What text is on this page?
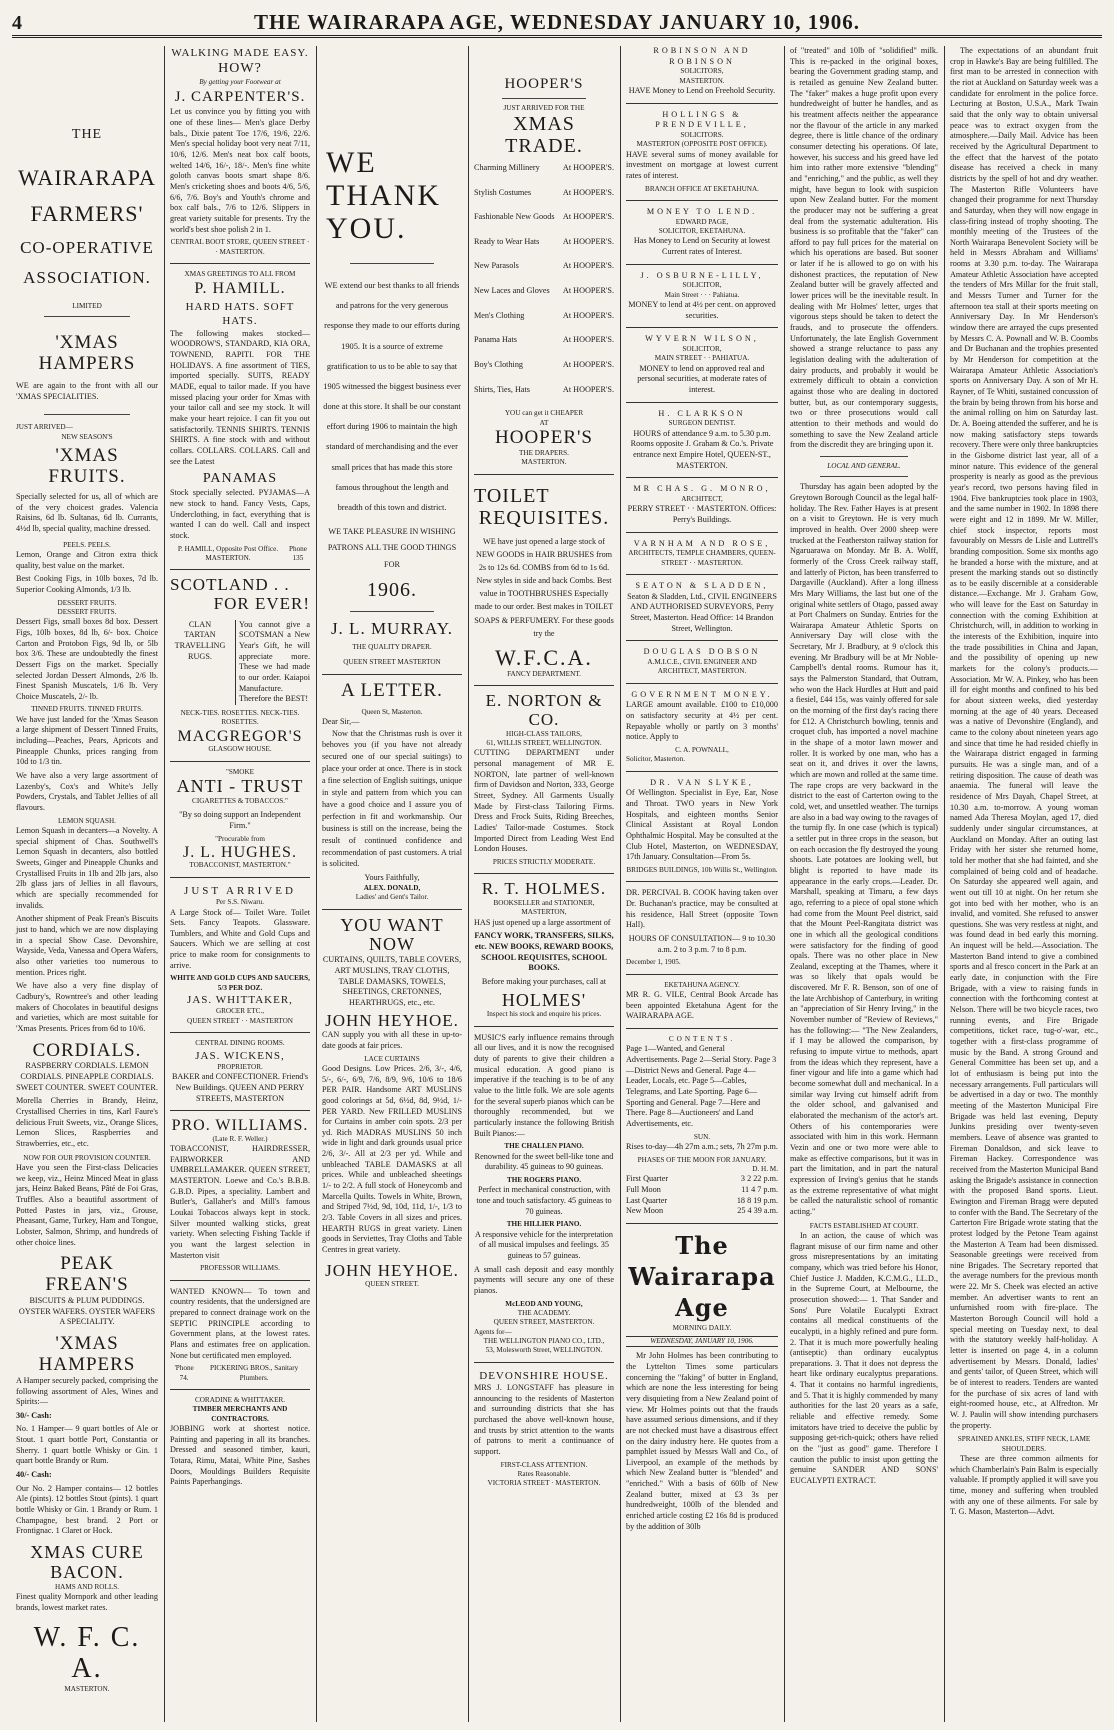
4	THE WAIRARAPA AGE, WEDNESDAY JANUARY 10, 1906.
THE
WAIRARAPA
FARMERS'
CO-OPERATIVE
ASSOCIATION.
LIMITED
'XMAS HAMPERS

WE are again to the front with all our 'XMAS SPECIALITIES.

JUST ARRIVED—
NEW SEASON'S
'XMAS FRUITS.

Specially selected for us, all of which are of the very choicest grades. Valencia Raisins, 6d lb. Sultanas, 6d lb. Currants, 4½d lb, special quality, machine dressed.

PEELS. PEELS.

Lemon, Orange and Citron extra thick quality, best value on the market.

Best Cooking Figs, in 10lb boxes, 7d lb. Superior Cooking Almonds, 1/3 lb.

DESSERT FRUITS.
DESSERT FRUITS.

Dessert Figs, small boxes 8d box. Dessert Figs, 10lb boxes, 8d lb, 6/- box. Choice Carton and Protobon Figs, 9d lb, or 5lb box 3/6. These are undoubtedly the finest Dessert Figs on the market. Specially selected Jordan Dessert Almonds, 2/6 lb. Finest Spanish Muscatels, 1/6 lb. Very Choice Muscatels, 2/- lb.

TINNED FRUITS. TINNED FRUITS.

We have just landed for the 'Xmas Season a large shipment of Dessert Tinned Fruits, including—Peaches, Pears, Apricots and Pineapple Chunks, prices ranging from 10d to 1/3 tin.

We have also a very large assortment of Lazenby's, Cox's and White's Jelly Powders, Crystals, and Tablet Jellies of all flavours.

LEMON SQUASH.

Lemon Squash in decanters—a Novelty. A special shipment of Chas. Southwell's Lemon Squash in decanters, also bottled Sweets, Ginger and Pineapple Chunks and Crystallised Fruits in 1lb and 2lb jars, also 2lb glass jars of Jellies in all flavours, which are specially recommended for invalids.

Another shipment of Peak Frean's Biscuits just to hand, which we are now displaying in a special Show Case. Devonshire, Wayside, Veda, Vanessa and Opera Wafers, also other varieties too numerous to mention. Prices right.

We have also a very fine display of Cadbury's, Rowntree's and other leading makers of Chocolates in beautiful designs and varieties, which are most suitable for 'Xmas Presents. Prices from 6d to 10/6.

CORDIALS.

RASPBERRY CORDIALS. LEMON CORDIALS. PINEAPPLE CORDIALS. SWEET COUNTER. SWEET COUNTER.

Morella Cherries in Brandy, Heinz, Crystallised Cherries in tins, Karl Faure's delicious Fruit Sweets, viz., Orange Slices, Lemon Slices, Raspberries and Strawberries, etc., etc.

NOW FOR OUR PROVISION COUNTER.

Have you seen the First-class Delicacies we keep, viz., Heinz Minced Meat in glass jars, Heinz Baked Beans, Pâté de Foi Gras, Truffles. Also a beautiful assortment of Potted Pastes in jars, viz., Grouse, Pheasant, Game, Turkey, Ham and Tongue, Lobster, Salmon, Shrimp, and hundreds of other choice lines.

PEAK FREAN'S

BISCUITS & PLUM PUDDINGS. OYSTER WAFERS. OYSTER WAFERS A SPECIALITY.

'XMAS HAMPERS

A Hamper securely packed, comprising the following assortment of Ales, Wines and Spirits:—

30/- Cash:

No. 1 Hamper— 9 quart bottles of Ale or Stout. 1 quart bottle Port, Constantia or Sherry. 1 quart bottle Whisky or Gin. 1 quart bottle Brandy or Rum.

40/- Cash:

Our No. 2 Hamper contains— 12 bottles Ale (pints). 12 bottles Stout (pints). 1 quart bottle Whisky or Gin. 1 Brandy or Rum. 1 Champagne, best brand. 2 Port or Frontignac. 1 Claret or Hock.

XMAS CURE BACON.
HAMS AND ROLLS.

Finest quality Mornpork and other leading brands, lowest market rates.

W. F. C. A.
MASTERTON.
WALKING MADE EASY.
HOW?
By getting your Footwear at
J. CARPENTER'S.

Let us convince you by fitting you with one of these lines— Men's glace Derby bals., Dixie patent Toe 17/6, 19/6, 22/6. Men's special holiday boot very neat 7/11, 10/6, 12/6. Men's neat box calf boots, welted 14/6, 16/-, 18/-. Men's fine white goloth canvas boots smart shape 8/6. Men's cricketing shoes and boots 4/6, 5/6, 6/6, 7/6. Boy's and Youth's chrome and box calf bals., 7/6 to 12/6. Slippers in great variety suitable for presents. Try the world's best shoe polish 2 in 1.

CENTRAL BOOT STORE, QUEEN STREET · · MASTERTON.
XMAS GREETINGS TO ALL FROM
P. HAMILL.
HARD HATS. SOFT HATS.

The following makes stocked—WOODROW'S, STANDARD, KIA ORA, TOWNEND, RAPITI. FOR THE HOLIDAYS. A fine assortment of TIES, imported specially. SUITS, READY MADE, equal to tailor made. If you have missed placing your order for Xmas with your tailor call and see my stock. It will make your heart rejoice. I can fit you out satisfactorily. TENNIS SHIRTS. TENNIS SHIRTS. A fine stock with and without collars. COLLARS. COLLARS. Call and see the Latest

PANAMAS

Stock specially selected. PYJAMAS—A new stock to hand. Fancy Vests, Caps, Underclothing, in fact, everything that is wanted I can do well. Call and inspect stock.

P. HAMILL, Opposite Post Office. MASTERTON.
Phone 135
SCOTLAND . .
FOR EVER!
CLAN
TARTAN
TRAVELLING
RUGS.
You cannot give a SCOTSMAN a New Year's Gift, he will appreciate more. These we had made to our order. Kaiapoi Manufacture. Therefore the BEST!
NECK-TIES. ROSETTES. NECK-TIES. ROSETTES.
MACGREGOR'S
GLASGOW HOUSE.
"SMOKE
ANTI - TRUST
CIGARETTES & TOBACCOS."

"By so doing support an Independent Firm."

"Procurable from
J. L. HUGHES.
TOBACCONIST, MASTERTON."
JUST ARRIVED
Per S.S. Niwaru.

A Large Stock of— Toilet Ware. Toilet Sets. Fancy Teapots. Glassware. Tumblers, and White and Gold Cups and Saucers. Which we are selling at cost price to make room for consignments to arrive.

WHITE AND GOLD CUPS AND SAUCERS, 5/3 PER DOZ.
JAS. WHITTAKER,
GROCER ETC.,
QUEEN STREET · · MASTERTON
CENTRAL DINING ROOMS.
JAS. WICKENS,
PROPRIETOR.

BAKER and CONFECTIONER. Friend's New Buildings. QUEEN AND PERRY STREETS, MASTERTON

PRO. WILLIAMS.
(Late R. F. Weller.)

TOBACCONIST, HAIRDRESSER, FAIRWORKER AND UMBRELLAMAKER. QUEEN STREET, MASTERTON. Loewe and Co.'s B.B.B. G.B.D. Pipes, a speciality. Lambert and Butler's, Gallaher's and Mill's famous Loukai Tobaccos always kept in stock. Silver mounted walking sticks, great variety. When selecting Fishing Tackle if you want the largest selection in Masterton visit

PROFESSOR WILLIAMS.

WANTED KNOWN— To town and country residents, that the undersigned are prepared to connect drainage work on the SEPTIC PRINCIPLE according to Government plans, at the lowest rates. Plans and estimates free on application. None but certificated men employed.

'Phone 74.
PICKERING BROS., Sanitary Plumbers.
CORADINE & WHITTAKER.
TIMBER MERCHANTS AND CONTRACTORS.

JOBBING work at shortest notice. Painting and papering in all its branches. Dressed and seasoned timber, kauri, Totara, Rimu, Matai, White Pine, Sashes Doors, Mouldings Builders Requisite Paints Paperhangings.

WE
THANK
YOU.

WE extend our best thanks to all friends and patrons for the very generous response they made to our efforts during 1905. It is a source of extreme gratification to us to be able to say that 1905 witnessed the biggest business ever done at this store. It shall be our constant effort during 1906 to maintain the high standard of merchandising and the ever small prices that has made this store famous throughout the length and breadth of this town and district.

WE TAKE PLEASURE IN WISHING PATRONS ALL THE GOOD THINGS FOR

1906.
J. L. MURRAY.
THE QUALITY DRAPER.
QUEEN STREET MASTERTON
A LETTER.
Queen St, Masterton.
Dear Sir,—

Now that the Christmas rush is over it behoves you (if you have not already secured one of our special suitings) to place your order at once. There is in stock a fine selection of English suitings, unique in style and pattern from which you can have a good choice and I assure you of perfection in fit and workmanship. Our business is still on the increase, being the result of continued confidence and recommendation of past customers. A trial is solicited.

Yours Faithfully,
ALEX. DONALD,
Ladies' and Gent's Tailor.
YOU WANT NOW

CURTAINS, QUILTS, TABLE COVERS, ART MUSLINS, TRAY CLOTHS, TABLE DAMASKS, TOWELS, SHEETINGS, CRETONNES, HEARTHRUGS, etc., etc.

JOHN HEYHOE.

CAN supply you with all these in up-to-date goods at fair prices.

LACE CURTAINS

Good Designs. Low Prices. 2/6, 3/-, 4/6, 5/-, 6/-, 6/9, 7/6, 8/9, 9/6, 10/6 to 18/6 PER PAIR. Handsome ART MUSLINS good colorings at 5d, 6½d, 8d, 9½d, 1/- PER YARD. New FRILLED MUSLINS for Curtains in amber coin spots. 2/3 per yd. Rich MADRAS MUSLINS 50 inch wide in light and dark grounds usual price 2/6, 3/-. All at 2/3 per yd. While and unbleached TABLE DAMASKS at all prices. While and unbleached sheetings 1/- to 2/2. A full stock of Honeycomb and Marcella Quilts. Towels in White, Brown, and Striped 7½d, 9d, 10d, 11d, 1/-, 1/3 to 2/3. Table Covers in all sizes and prices. HEARTH RUGS in great variety. Linen goods in Serviettes, Tray Cloths and Table Centres in great variety.

JOHN HEYHOE.
QUEEN STREET.
HOOPER'S
JUST ARRIVED FOR THE
XMAS TRADE.
Charming Millinery	At HOOPER'S.
Stylish Costumes	At HOOPER'S.
Fashionable New Goods At HOOPER'S.
Ready to Wear Hats	At HOOPER'S.
New Parasols	At HOOPER'S.
New Laces and Gloves At HOOPER'S.
Men's Clothing	At HOOPER'S.
Panama Hats	At HOOPER'S.
Boy's Clothing	At HOOPER'S.
Shirts, Ties, Hats	At HOOPER'S.
YOU can get it CHEAPER
AT
HOOPER'S
THE DRAPERS.
MASTERTON.
TOILET
REQUISITES.

WE have just opened a large stock of NEW GOODS in HAIR BRUSHES from 2s to 12s 6d. COMBS from 6d to 1s 6d. New styles in side and back Combs. Best value in TOOTHBRUSHES Especially made to our order. Best makes in TOILET SOAPS & PERFUMERY. For these goods try the

W.F.C.A.
FANCY DEPARTMENT.
E. NORTON & CO.
HIGH-CLASS TAILORS,
61, WILLIS STREET, WELLINGTON.

CUTTING DEPARTMENT under personal management of MR E. NORTON, late partner of well-known firm of Davidson and Norton, 333, George Street, Sydney. All Garments Usually Made by First-class Tailoring Firms. Dress and Frock Suits, Riding Breeches, Ladies' Tailor-made Costumes. Stock Imported Direct from Leading West End London Houses.

PRICES STRICTLY MODERATE.
R. T. HOLMES.
BOOKSELLER and STATIONER,
MASTERTON,

HAS just opened up a large assortment of

FANCY WORK, TRANSFERS, SILKS, etc. NEW BOOKS, REWARD BOOKS, SCHOOL REQUISITES, SCHOOL BOOKS.

Before making your purchases, call at

HOLMES'

Inspect his stock and enquire his prices.

MUSIC'S early influence remains through all our lives, and it is now the recognised duty of parents to give their children a musical education. A good piano is imperative if the teaching is to be of any value to the little folk. We are sole agents for the several superb pianos which can be thoroughly recommended, but we particularly instance the following British Built Pianos:—

THE CHALLEN PIANO.

Renowned for the sweet bell-like tone and durability. 45 guineas to 90 guineas.

THE ROGERS PIANO.

Perfect in mechanical construction, with tone and touch satisfactory. 45 guineas to 70 guineas.

THE HILLIER PIANO.

A responsive vehicle for the interpretation of all musical impulses and feelings. 35 guineas to 57 guineas.

A small cash deposit and easy monthly payments will secure any one of these pianos.

McLEOD AND YOUNG,
THE ACADEMY.
QUEEN STREET, MASTERTON.
Agents for—
THE WELLINGTON PIANO CO., LTD.,
53, Molesworth Street, WELLINGTON.
DEVONSHIRE HOUSE.

MRS J. LONGSTAFF has pleasure in announcing to the residents of Masterton and surrounding districts that she has purchased the above well-known house, and trusts by strict attention to the wants of patrons to merit a continuance of support.

FIRST-CLASS ATTENTION.
Rates Reasonable.
VICTORIA STREET · MASTERTON.
ROBINSON AND ROBINSON
SOLICITORS,
MASTERTON.

HAVE Money to Lend on Freehold Security.

HOLLINGS & PRENDEVILLE,
SOLICITORS.
MASTERTON (OPPOSITE POST OFFICE).

HAVE several sums of money available for investment on mortgage at lowest current rates of interest.

BRANCH OFFICE AT EKETAHUNA.
MONEY TO LEND.
EDWARD PAGE,
SOLICITOR, EKETAHUNA.

Has Money to Lend on Security at lowest Current rates of Interest.

J. OSBURNE-LILLY,
SOLICITOR,
Main Street · · · Pahiatua.

MONEY to lend at 4½ per cent. on approved securities.

WYVERN WILSON,
SOLICITOR,
MAIN STREET · · PAHIATUA.

MONEY to lend on approved real and personal securities, at moderate rates of interest.

H. CLARKSON
SURGEON DENTIST.

HOURS of attendance 9 a.m. to 5.30 p.m. Rooms opposite J. Graham & Co.'s. Private entrance next Empire Hotel, QUEEN-ST., MASTERTON.

MR CHAS. G. MONRO,
ARCHITECT,

PERRY STREET · · MASTERTON. Offices: Perry's Buildings.

VARNHAM AND ROSE,

ARCHITECTS, TEMPLE CHAMBERS, QUEEN-STREET · · MASTERTON.

SEATON & SLADDEN,

Seaton & Sladden, Ltd., CIVIL ENGINEERS AND AUTHORISED SURVEYORS, Perry Street, Masterton. Head Office: 14 Brandon Street, Wellington.

DOUGLAS DOBSON

A.M.I.C.E., CIVIL ENGINEER AND ARCHITECT, MASTERTON.

GOVERNMENT MONEY.

LARGE amount available. £100 to £10,000 on satisfactory security at 4½ per cent. Repayable wholly or partly on 3 months' notice. Apply to

C. A. POWNALL,
Solicitor, Masterton.
DR. VAN SLYKE,

Of Wellington. Specialist in Eye, Ear, Nose and Throat. TWO years in New York Hospitals, and eighteen months Senior Clinical Assistant at Royal London Ophthalmic Hospital. May be consulted at the Club Hotel, Masterton, on WEDNESDAY, 17th January. Consultation—From 5s.

BRIDGES BUILDINGS, 10b Willis St., Wellington.

DR. PERCIVAL B. COOK having taken over Dr. Buchanan's practice, may be consulted at his residence, Hall Street (opposite Town Hall).

HOURS OF CONSULTATION— 9 to 10.30 a.m. 2 to 3 p.m. 7 to 8 p.m.

December 1, 1905.
EKETAHUNA AGENCY.

MR R. G. VILE, Central Book Arcade has been appointed Eketahuna Agent for the WAIRARAPA AGE.

CONTENTS.

Page 1—Wanted, and General Advertisements. Page 2—Serial Story. Page 3—District News and General. Page 4—Leader, Locals, etc. Page 5—Cables, Telegrams, and Late Sporting. Page 6—Sporting and General. Page 7—Here and There. Page 8—Auctioneers' and Land Advertisements, etc.

SUN.

Rises to-day—4h 27m a.m.; sets, 7h 27m p.m.

PHASES OF THE MOON FOR JANUARY.
D. H. M.
First Quarter	3 2 22 p.m.
Full Moon	11 4 7 p.m.
Last Quarter	18 8 19 p.m.
New Moon	25 4 39 a.m.
The Wairarapa Age
MORNING DAILY.
WEDNESDAY, JANUARY 10, 1906.

Mr John Holmes has been contributing to the Lyttelton Times some particulars concerning the "faking" of butter in England, which are none the less interesting for being very disquieting from a New Zealand point of view. Mr Holmes points out that the frauds have assumed serious dimensions, and if they are not checked must have a disastrous effect on the dairy industry here. He quotes from a pamphlet issued by Messrs Wall and Co., of Liverpool, an example of the methods by which New Zealand butter is "blended" and "enriched." With a basis of 60lb of New Zealand butter, mixed at £3 3s per hundredweight, 100lb of the blended and enriched article costing £2 16s 8d is produced by the addition of 30lb

of "treated" and 10lb of "solidified" milk. This is re-packed in the original boxes, bearing the Government grading stamp, and is retailed as genuine New Zealand butter. The "faker" makes a huge profit upon every hundredweight of butter he handles, and as his treatment affects neither the appearance nor the flavour of the article in any marked degree, there is little chance of the ordinary consumer detecting his operations. Of late, however, his success and his greed have led him into rather more extensive "blending" and "enriching," and the public, as well they might, have begun to look with suspicion upon New Zealand butter. For the moment the producer may not be suffering a great deal from the systematic adulteration. His business is so profitable that the "faker" can afford to pay full prices for the material on which his operations are based. But sooner or later if he is allowed to go on with his dishonest practices, the reputation of New Zealand butter will be gravely affected and lower prices will be the inevitable result. In dealing with Mr Holmes' letter, urges that vigorous steps should be taken to detect the frauds, and to prosecute the offenders. Unfortunately, the late English Government showed a strange reluctance to pass any legislation dealing with the adulteration of dairy products, and probably it would be extremely difficult to obtain a conviction against those who are dealing in doctored butter, but, as our contemporary suggests, two or three prosecutions would call attention to their methods and would do something to save the New Zealand article from the discredit they are bringing upon it.

LOCAL AND GENERAL.

Thursday has again been adopted by the Greytown Borough Council as the legal half-holiday. The Rev. Father Hayes is at present on a visit to Greytown. He is very much improved in health. Over 2000 sheep were trucked at the Featherston railway station for Ngaruarawa on Monday. Mr B. A. Wolff, formerly of the Cross Creek railway staff, and latterly of Picton, has been transferred to Dargaville (Auckland). After a long illness Mrs Mary Williams, the last but one of the original white settlers of Otago, passed away at Port Chalmers on Sunday. Entries for the Wairarapa Amateur Athletic Sports on Anniversary Day will close with the Secretary, Mr J. Bradbury, at 9 o'clock this evening. Mr Bradbury will be at Mr Noble-Campbell's dental rooms. Rumour has it, says the Palmerston Standard, that Outram, who won the Hack Hurdles at Hutt and paid a fiesiel, £44 15s, was vainly offered for sale on the morning of the first day's racing there for £12. A Christchurch bowling, tennis and croquet club, has imported a novel machine in the shape of a motor lawn mower and roller. It is worked by one man, who has a seat on it, and drives it over the lawns, which are mown and rolled at the same time. The rape crops are very backward in the district to the east of Carterton owing to the cold, wet, and unsettled weather. The turnips are also in a bad way owing to the ravages of the turnip fly. In one case (which is typical) a settler put in three crops in the season, but on each occasion the fly destroyed the young shoots. Late potatoes are looking well, but blight is reported to have made its appearance in the early crops.—Leader. Dr. Marshall, speaking at Timaru, a few days ago, referring to a piece of opal stone which had come from the Mount Peel district, said that the Mount Peel-Rangitata district was one in which all the geological conditions were satisfactory for the finding of good opals. There was no other place in New Zealand, excepting at the Thames, where it was so likely that opals would be discovered. Mr F. R. Benson, son of one of the late Archbishop of Canterbury, in writing an "appreciation of Sir Henry Irving," in the November number of "Review of Reviews," has the following:— "The New Zealanders, if I may be allowed the comparison, by refusing to impute virtue to methods, apart from the ideas which they represent, have a finer vigour and life into a game which had become somewhat dull and mechanical. In a similar way Irving cut himself adrift from the older school, and galvanised and elaborated the mechanism of the actor's art. Others of his contemporaries were associated with him in this work. Hermann Vezin and one or two more were able to make as effective comparisons, but it was in part the limitation, and in part the natural expression of Irving's genius that he stands as the extreme representative of what might be called the naturalistic school of romantic acting."

FACTS ESTABLISHED AT COURT.

In an action, the cause of which was flagrant misuse of our firm name and other gross misrepresentations by an imitating company, which was tried before his Honor, Chief Justice J. Madden, K.C.M.G., LL.D., in the Supreme Court, at Melbourne, the prosecution showed:— 1. That Sander and Sons' Pure Volatile Eucalypti Extract contains all medical constituents of the eucalypti, in a highly refined and pure form. 2. That it is much more powerfully healing (antiseptic) than ordinary eucalyptus preparations. 3. That it does not depress the heart like ordinary eucalyptus preparations. 4. That it contains no harmful ingredients, and 5. That it is highly commended by many authorities for the last 20 years as a safe, reliable and effective remedy. Some imitators have tried to deceive the public by supposing get-rich-quick; others have relied on the "just as good" game. Therefore I caution the public to insist upon getting the genuine SANDER AND SONS' EUCALYPTI EXTRACT.

The expectations of an abundant fruit crop in Hawke's Bay are being fulfilled. The first man to be arrested in connection with the riot at Auckland on Saturday week was a candidate for enrolment in the police force. Lecturing at Boston, U.S.A., Mark Twain said that the only way to obtain universal peace was to extract oxygen from the atmosphere.—Daily Mail. Advice has been received by the Agricultural Department to the effect that the harvest of the potato disease has received a check in many districts by the spell of hot and dry weather. The Masterton Rifle Volunteers have changed their programme for next Thursday and Saturday, when they will now engage in class-firing instead of trophy shooting. The monthly meeting of the Trustees of the North Wairarapa Benevolent Society will be held in Messrs Abraham and Williams' rooms at 3.30 p.m. to-day. The Wairarapa Amateur Athletic Association have accepted the tenders of Mrs Millar for the fruit stall, and Messrs Turner and Turner for the afternoon tea stall at their sports meeting on Anniversary Day. In Mr Henderson's window there are arrayed the cups presented by Messrs C. A. Pownall and W. B. Coombs and Dr Buchanan and the trophies presented by Mr Henderson for competition at the Wairarapa Amateur Athletic Association's sports on Anniversary Day. A son of Mr H. Rayner, of Te Whiti, sustained concussion of the brain by being thrown from his horse and the animal rolling on him on Saturday last. Dr. A. Boeing attended the sufferer, and he is now making satisfactory steps towards recovery. There were only three bankruptcies in the Gisborne district last year, all of a minor nature. This evidence of the general prosperity is nearly as good as the previous year's record, two persons having filed in 1904. Five bankruptcies took place in 1903, and the same number in 1902. In 1898 there were eight and 12 in 1899. Mr W. Miller, chief stock inspector, reports most favourably on Messrs de Lisle and Luttrell's branding composition. Some six months ago he branded a horse with the mixture, and at present the marking stands out so distinctly as to be easily discernible at a considerable distance.—Exchange. Mr J. Graham Gow, who will leave for the East on Saturday in connection with the coming Exhibition at Christchurch, will, in addition to working in the interests of the Exhibition, inquire into the trade possibilities in China and Japan, and the possibility of opening up new markets for the colony's products.—Association. Mr W. A. Pinkey, who has been ill for eight months and confined to his bed for about sixteen weeks, died yesterday morning at the age of 40 years. Deceased was a native of Devonshire (England), and came to the colony about nineteen years ago and since that time he had resided chiefly in the Wairarapa district engaged in farming pursuits. He was a single man, and of a retiring disposition. The cause of death was anaemia. The funeral will leave the residence of Mrs Dayah, Chapel Street, at 10.30 a.m. to-morrow. A young woman named Ada Theresa Moylan, aged 17, died suddenly under singular circumstances, at Auckland on Monday. After an outing last Friday with her sister she returned home, told her mother that she had fainted, and she complained of being cold and of headache. On Saturday she appeared well again, and went out till 10 at night. On her return she got into bed with her mother, who is an invalid, and vomited. She refused to answer questions. She was very restless at night, and was found dead in bed early this morning. An inquest will be held.—Association. The Masterton Band intend to give a combined sports and al fresco concert in the Park at an early date, in conjunction with the Fire Brigade, with a view to raising funds in connection with the forthcoming contest at Nelson. There will be two bicycle races, two running events, and Fire Brigade competitions, ticket race, tug-o'-war, etc., together with a first-class programme of music by the Band. A strong Ground and General Committee has been set up, and a lot of enthusiasm is being put into the necessary arrangements. Full particulars will be advertised in a day or two. The monthly meeting of the Masterton Municipal Fire Brigade was held last evening, Deputy Junkins presiding over twenty-seven members. Leave of absence was granted to Fireman Donaldson, and sick leave to Fireman Hackey. Correspondence was received from the Masterton Municipal Band asking the Brigade's assistance in connection with the proposed Band sports. Lieut. Ewington and Fireman Bragg were deputed to confer with the Band. The Secretary of the Carterton Fire Brigade wrote stating that the protest lodged by the Petone Team against the Masterton A Team had been dismissed. Seasonable greetings were received from nine Brigades. The Secretary reported that the average numbers for the previous month were 22. Mr S. Cheek was elected an active member. An advertiser wants to rent an unfurnished room with fire-place. The Masterton Borough Council will hold a special meeting on Tuesday next, to deal with the statutory weekly half-holiday. A letter is inserted on page 4, in a column advertisement by Messrs. Donald, ladies' and gents' tailor, of Queen Street, which will be of interest to readers. Tenders are wanted for the purchase of six acres of land with eight-roomed house, etc., at Alfredton. Mr W. J. Paulin will show intending purchasers the property.

SPRAINED ANKLES, STIFF NECK, LAME SHOULDERS.

These are three common ailments for which Chamberlain's Pain Balm is especially valuable. If promptly applied it will save you time, money and suffering when troubled with any one of these ailments. For sale by T. G. Mason, Masterton—Advt.
